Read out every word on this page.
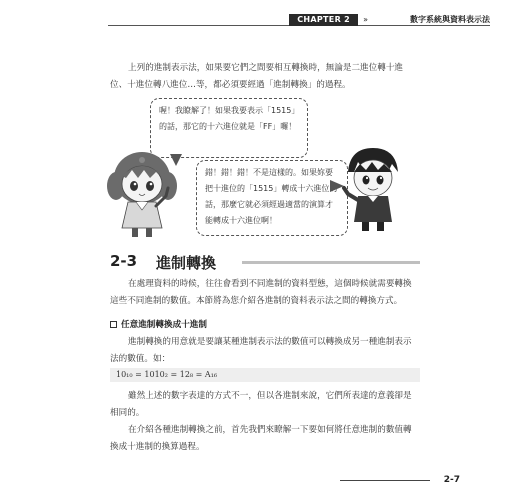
CHAPTER 2	»	數字系統與資料表示法
上列的進制表示法，如果要它們之間要相互轉換時，無論是二進位轉十進位、十進位轉八進位…等，都必須要經過「進制轉換」的過程。
喔！我瞭解了！如果我要表示「1515」的話，那它的十六進位就是「FF」囉！
錯！錯！錯！不是這樣的。如果妳要把十進位的「1515」轉成十六進位的話，那麼它就必須經過適當的演算才能轉成十六進位啊！
2-3 進制轉換
在處理資料的時候，往往會看到不同進制的資料型態，這個時候就需要轉換這些不同進制的數值。本節將為您介紹各進制的資料表示法之間的轉換方式。
任意進制轉換成十進制
進制轉換的用意就是要讓某種進制表示法的數值可以轉換成另一種進制表示法的數值。如：
10₁₀ = 1010₂ = 12₈ = A₁₆
雖然上述的數字表達的方式不一，但以各進制來說，它們所表達的意義卻是相同的。
在介紹各種進制轉換之前，首先我們來瞭解一下要如何將任意進制的數值轉換成十進制的換算過程。
2-7
